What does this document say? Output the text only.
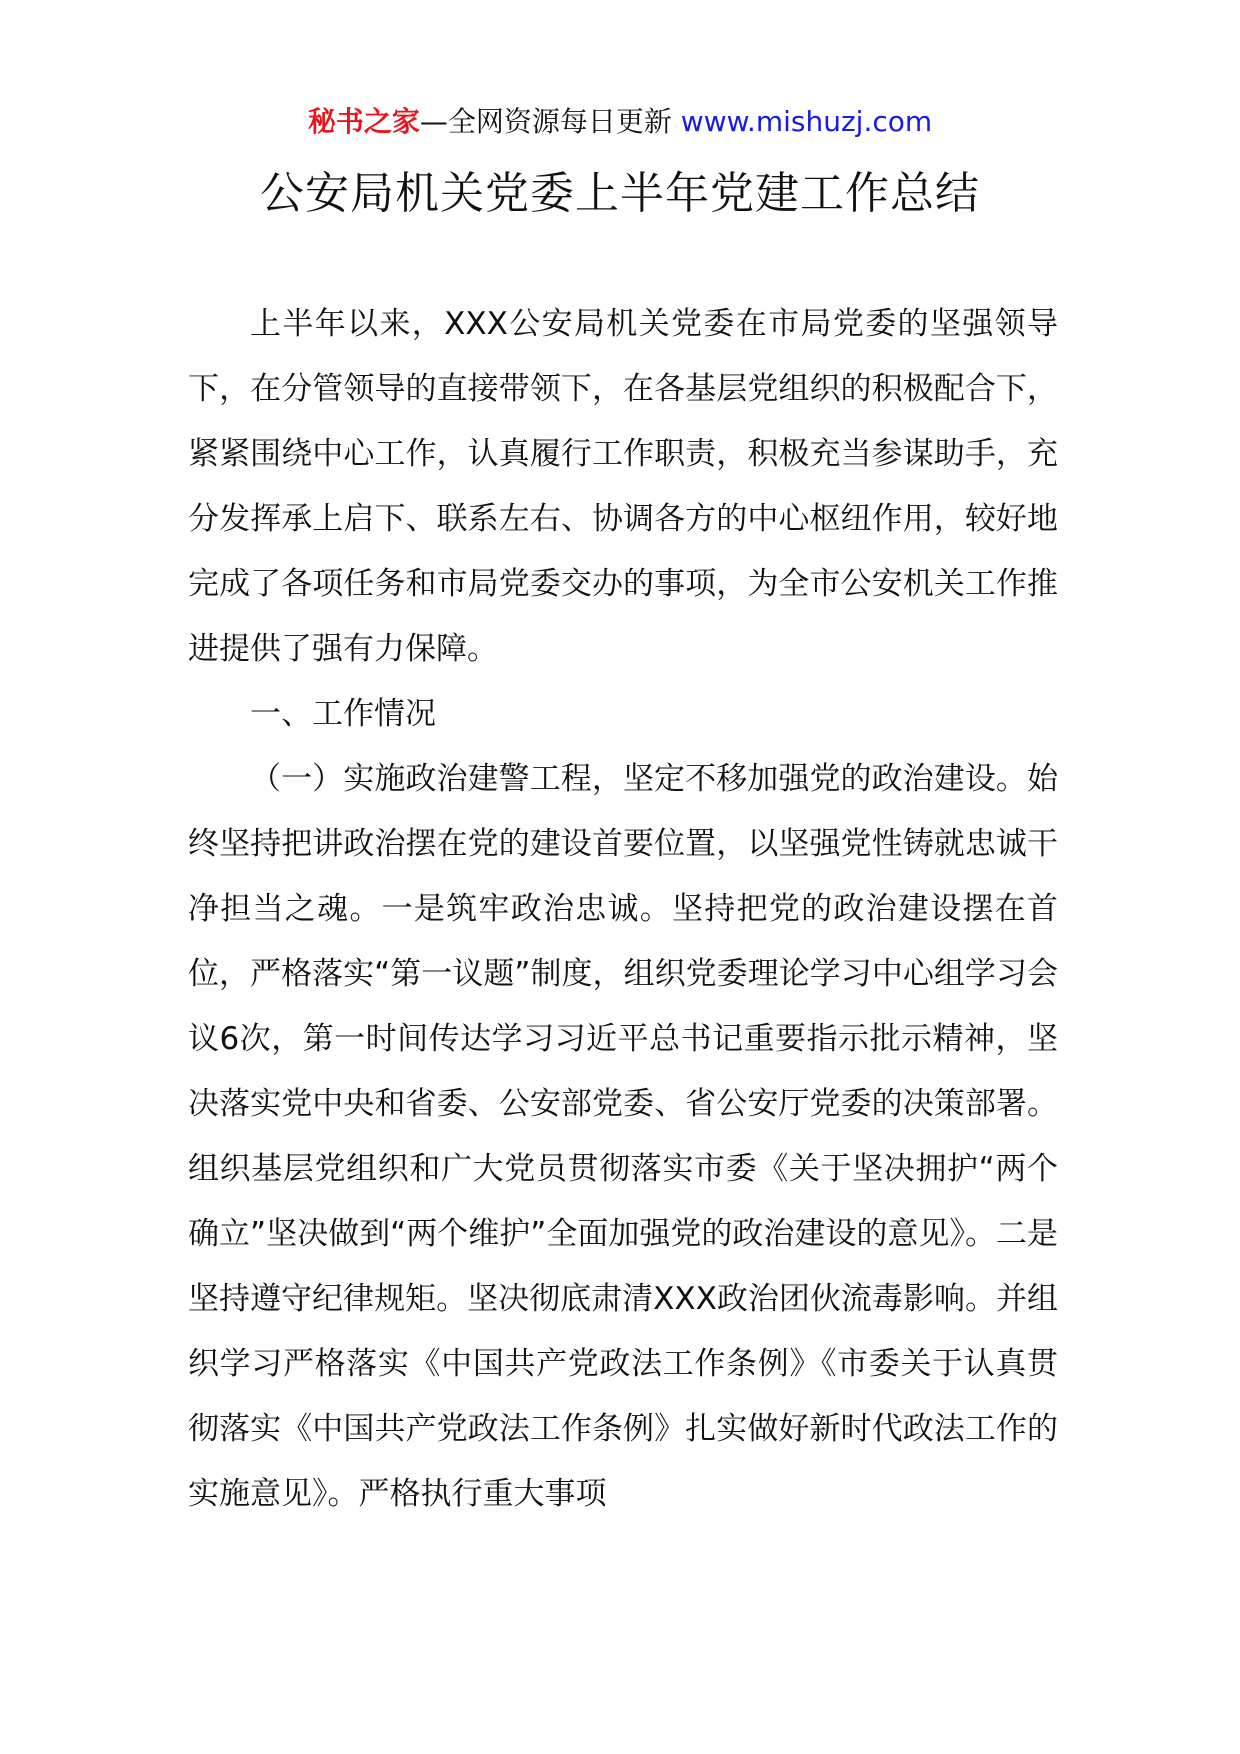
秘书之家—全网资源每日更新 www.mishuzj.com
公安局机关党委上半年党建工作总结

上半年以来，XXX公安局机关党委在市局党委的坚强领导下，在分管领导的直接带领下，在各基层党组织的积极配合下，紧紧围绕中心工作，认真履行工作职责，积极充当参谋助手，充分发挥承上启下、联系左右、协调各方的中心枢纽作用，较好地完成了各项任务和市局党委交办的事项，为全市公安机关工作推进提供了强有力保障。

一、工作情况

（一）实施政治建警工程，坚定不移加强党的政治建设。始终坚持把讲政治摆在党的建设首要位置，以坚强党性铸就忠诚干净担当之魂。一是筑牢政治忠诚。坚持把党的政治建设摆在首位，严格落实“第一议题”制度，组织党委理论学习中心组学习会议6次，第一时间传达学习习近平总书记重要指示批示精神，坚决落实党中央和省委、公安部党委、省公安厅党委的决策部署。组织基层党组织和广大党员贯彻落实市委《关于坚决拥护“两个确立”坚决做到“两个维护”全面加强党的政治建设的意见》。二是坚持遵守纪律规矩。坚决彻底肃清XXX政治团伙流毒影响。并组织学习严格落实《中国共产党政法工作条例》《市委关于认真贯彻落实《中国共产党政法工作条例》扎实做好新时代政法工作的实施意见》。严格执行重大事项
